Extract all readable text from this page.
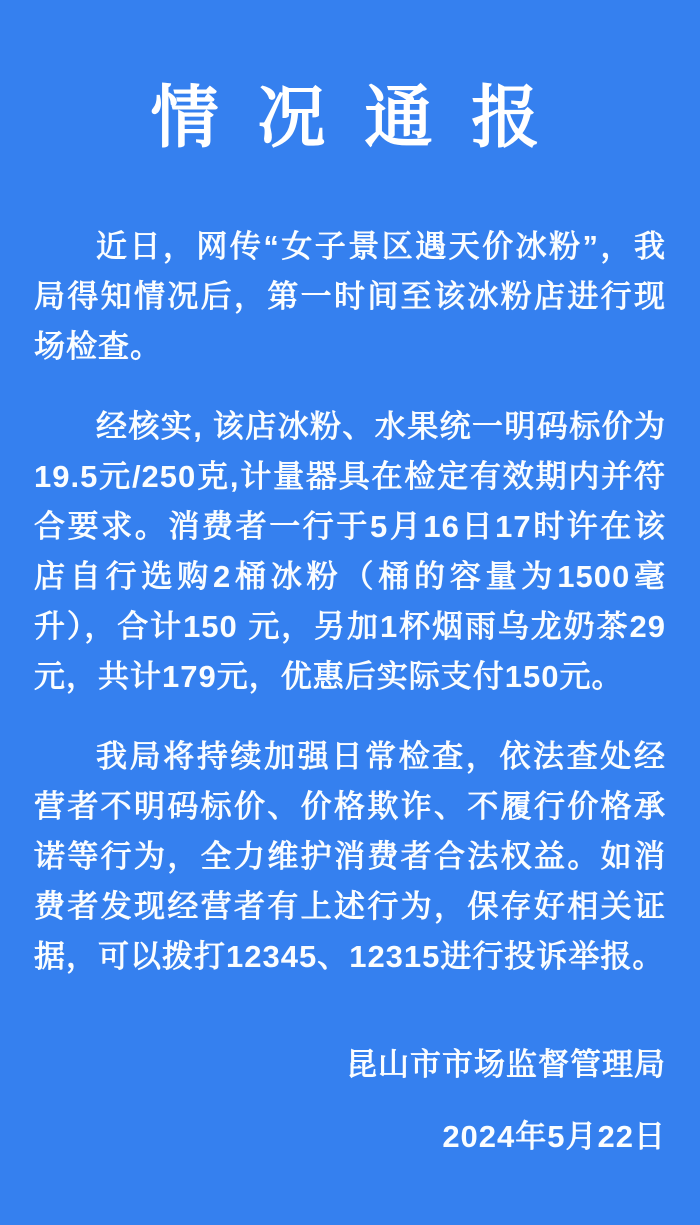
情 况 通 报

近日，网传“女子景区遇天价冰粉”，我局得知情况后，第一时间至该冰粉店进行现场检查。

经核实, 该店冰粉、水果统一明码标价为19.5元/250克,计量器具在检定有效期内并符合要求。消费者一行于5月16日17时许在该店自行选购2桶冰粉（桶的容量为1500毫升），合计150 元，另加1杯烟雨乌龙奶茶29元，共计179元，优惠后实际支付150元。

我局将持续加强日常检查，依法查处经营者不明码标价、价格欺诈、不履行价格承诺等行为，全力维护消费者合法权益。如消费者发现经营者有上述行为，保存好相关证据，可以拨打12345、12315进行投诉举报。

昆山市市场监督管理局
2024年5月22日
